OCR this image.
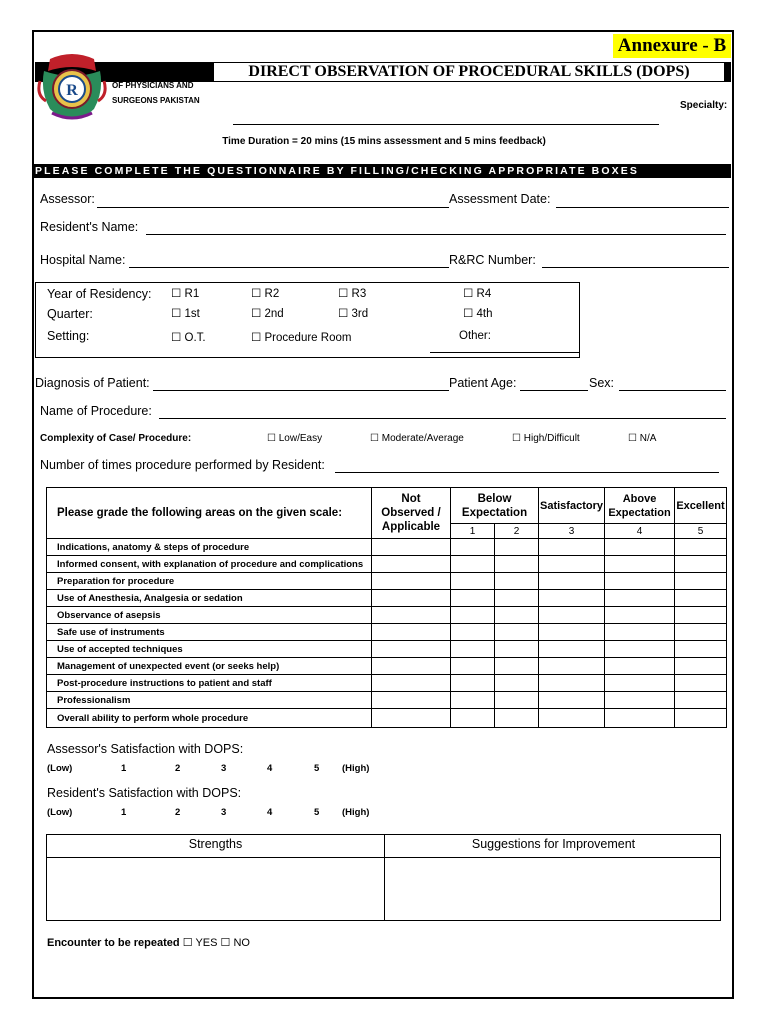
Annexure - B
DIRECT OBSERVATION OF PROCEDURAL SKILLS (DOPS)
R	OF PHYSICIANS AND
SURGEONS PAKISTAN	Specialty:
Time Duration = 20 mins (15 mins assessment and 5 mins feedback)
PLEASE COMPLETE THE QUESTIONNAIRE BY FILLING/CHECKING APPROPRIATE BOXES
Assessor:	Assessment Date:
Resident's Name:
Hospital Name:	R&RC Number:
Year of Residency: ☐ R1	☐ R2	☐ R3	☐ R4
Quarter:	☐ 1st	☐ 2nd	☐ 3rd	☐ 4th
Setting:	☐ O.T.	☐ Procedure Room	Other:
Diagnosis of Patient:	Patient Age:	Sex:
Name of Procedure:
Complexity of Case/ Procedure:	☐ Low/Easy	☐ Moderate/Average	☐ High/Difficult	☐ N/A
Number of times procedure performed by Resident:
Please grade the following areas on the given scale:	Not Observed / Applicable	Below Expectation		Satisfactory	Above Expectation	Excellent
		1	2	3	4	5
Indications, anatomy & steps of procedure						
Informed consent, with explanation of procedure and complications						
Preparation for procedure						
Use of Anesthesia, Analgesia or sedation						
Observance of asepsis						
Safe use of instruments						
Use of accepted techniques						
Management of unexpected event (or seeks help)						
Post-procedure instructions to patient and staff						
Professionalism						
Overall ability to perform whole procedure						
Assessor's Satisfaction with DOPS:
(Low)	1	2	3	4	5 (High)
Resident's Satisfaction with DOPS:
(Low)	1	2	3	4	5 (High)
Strengths	Suggestions for Improvement
Encounter to be repeated ☐ YES ☐ NO
